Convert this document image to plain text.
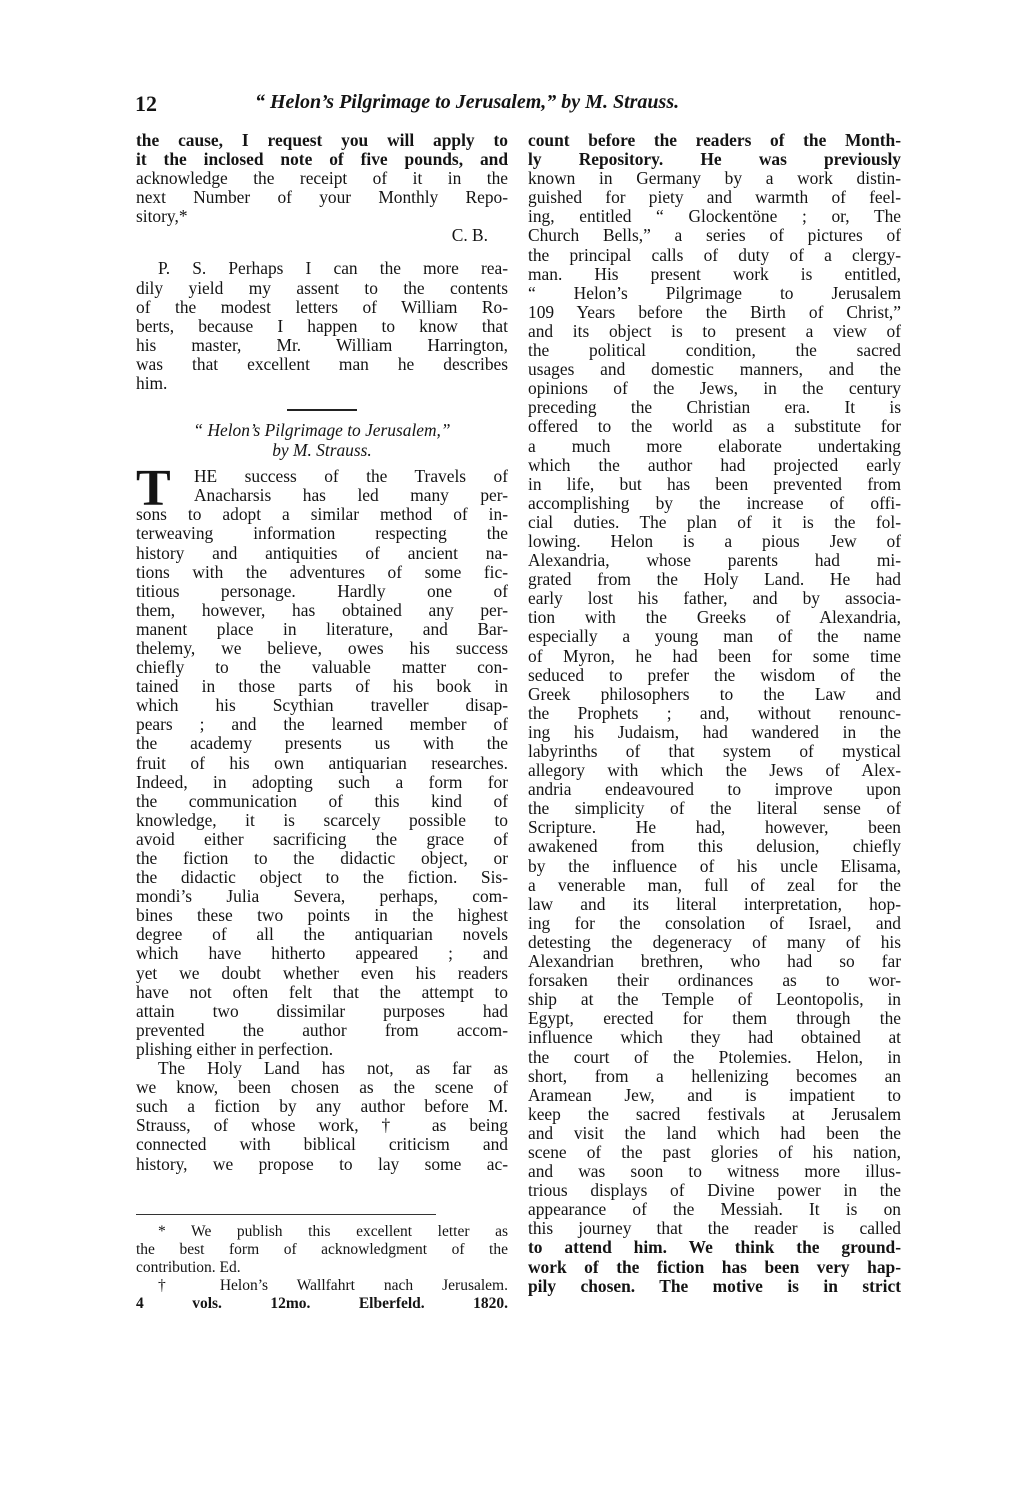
12	“ Helon’s Pilgrimage to Jerusalem,” by M. Strauss.
the cause, I request you will apply to
it the inclosed note of five pounds, and
acknowledge the receipt of it in the
next Number of your Monthly Repo-
sitory,*
C. B.
P. S. Perhaps I can the more rea-
dily yield my assent to the contents
of the modest letters of William Ro-
berts, because I happen to know that
his master, Mr. William Harrington,
was that excellent man he describes
him.
“ Helon’s Pilgrimage to Jerusalem,”
by M. Strauss.
T	HE success of the Travels of
Anacharsis has led many per-
sons to adopt a similar method of in-
terweaving information respecting the
history and antiquities of ancient na-
tions with the adventures of some fic-
titious personage. Hardly one of
them, however, has obtained any per-
manent place in literature, and Bar-
thelemy, we believe, owes his success
chiefly to the valuable matter con-
tained in those parts of his book in
which his Scythian traveller disap-
pears ; and the learned member of
the academy presents us with the
fruit of his own antiquarian researches.
Indeed, in adopting such a form for
the communication of this kind of
knowledge, it is scarcely possible to
avoid either sacrificing the grace of
the fiction to the didactic object, or
the didactic object to the fiction. Sis-
mondi’s Julia Severa, perhaps, com-
bines these two points in the highest
degree of all the antiquarian novels
which have hitherto appeared ; and
yet we doubt whether even his readers
have not often felt that the attempt to
attain two dissimilar purposes had
prevented the author from accom-
plishing either in perfection.
The Holy Land has not, as far as
we know, been chosen as the scene of
such a fiction by any author before M.
Strauss, of whose work, † as being
connected with biblical criticism and
history, we propose to lay some ac-
* We publish this excellent letter as
the best form of acknowledgment of the
contribution. Ed.
† Helon’s Wallfahrt nach Jerusalem.
4 vols. 12mo. Elberfeld. 1820.
count before the readers of the Month-
ly Repository. He was previously
known in Germany by a work distin-
guished for piety and warmth of feel-
ing, entitled “ Glockentöne ; or, The
Church Bells,” a series of pictures of
the principal calls of duty of a clergy-
man. His present work is entitled,
“ Helon’s Pilgrimage to Jerusalem
109 Years before the Birth of Christ,”
and its object is to present a view of
the political condition, the sacred
usages and domestic manners, and the
opinions of the Jews, in the century
preceding the Christian era. It is
offered to the world as a substitute for
a much more elaborate undertaking
which the author had projected early
in life, but has been prevented from
accomplishing by the increase of offi-
cial duties. The plan of it is the fol-
lowing. Helon is a pious Jew of
Alexandria, whose parents had mi-
grated from the Holy Land. He had
early lost his father, and by associa-
tion with the Greeks of Alexandria,
especially a young man of the name
of Myron, he had been for some time
seduced to prefer the wisdom of the
Greek philosophers to the Law and
the Prophets ; and, without renounc-
ing his Judaism, had wandered in the
labyrinths of that system of mystical
allegory with which the Jews of Alex-
andria endeavoured to improve upon
the simplicity of the literal sense of
Scripture. He had, however, been
awakened from this delusion, chiefly
by the influence of his uncle Elisama,
a venerable man, full of zeal for the
law and its literal interpretation, hop-
ing for the consolation of Israel, and
detesting the degeneracy of many of his
Alexandrian brethren, who had so far
forsaken their ordinances as to wor-
ship at the Temple of Leontopolis, in
Egypt, erected for them through the
influence which they had obtained at
the court of the Ptolemies. Helon, in
short, from a hellenizing becomes an
Aramean Jew, and is impatient to
keep the sacred festivals at Jerusalem
and visit the land which had been the
scene of the past glories of his nation,
and was soon to witness more illus-
trious displays of Divine power in the
appearance of the Messiah. It is on
this journey that the reader is called
to attend him. We think the ground-
work of the fiction has been very hap-
pily chosen. The motive is in strict
